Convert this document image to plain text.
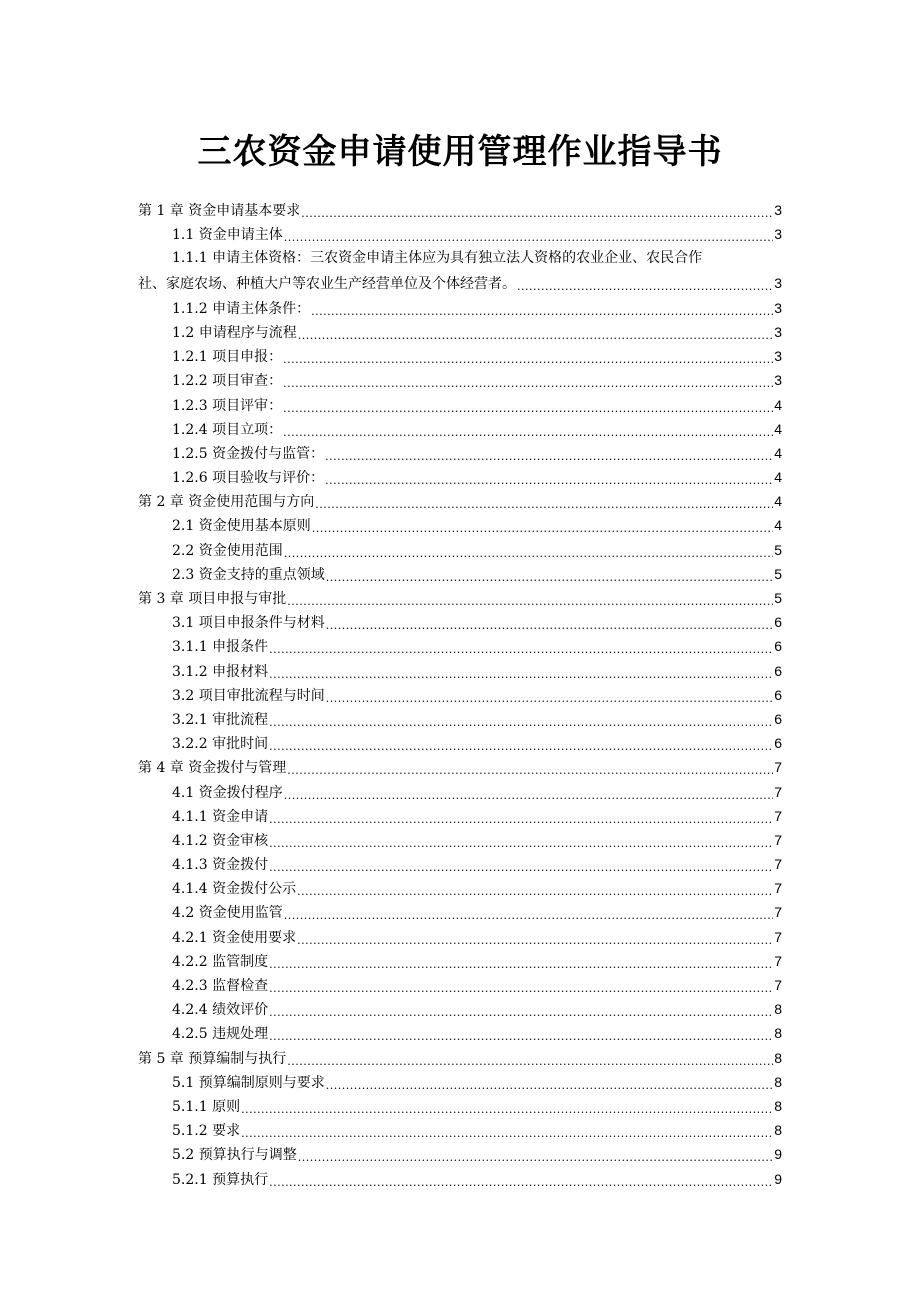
三农资金申请使用管理作业指导书
第 1 章 资金申请基本要求 .....	3
1.1 资金申请主体 .....	3
1.1.1 申请主体资格：三农资金申请主体应为具有独立法人资格的农业企业、农民合作
社、家庭农场、种植大户等农业生产经营单位及个体经营者。 .....	3
1.1.2 申请主体条件： .....	3
1.2 申请程序与流程 .....	3
1.2.1 项目申报： .....	3
1.2.2 项目审查： .....	3
1.2.3 项目评审： .....	4
1.2.4 项目立项： .....	4
1.2.5 资金拨付与监管： .....	4
1.2.6 项目验收与评价： .....	4
第 2 章 资金使用范围与方向 .....	4
2.1 资金使用基本原则 .....	4
2.2 资金使用范围 .....	5
2.3 资金支持的重点领域 .....	5
第 3 章 项目申报与审批 .....	5
3.1 项目申报条件与材料 .....	6
3.1.1 申报条件 .....	6
3.1.2 申报材料 .....	6
3.2 项目审批流程与时间 .....	6
3.2.1 审批流程 .....	6
3.2.2 审批时间 .....	6
第 4 章 资金拨付与管理 .....	7
4.1 资金拨付程序 .....	7
4.1.1 资金申请 .....	7
4.1.2 资金审核 .....	7
4.1.3 资金拨付 .....	7
4.1.4 资金拨付公示 .....	7
4.2 资金使用监管 .....	7
4.2.1 资金使用要求 .....	7
4.2.2 监管制度 .....	7
4.2.3 监督检查 .....	7
4.2.4 绩效评价 .....	8
4.2.5 违规处理 .....	8
第 5 章 预算编制与执行 .....	8
5.1 预算编制原则与要求 .....	8
5.1.1 原则 .....	8
5.1.2 要求 .....	8
5.2 预算执行与调整 .....	9
5.2.1 预算执行 .....	9
